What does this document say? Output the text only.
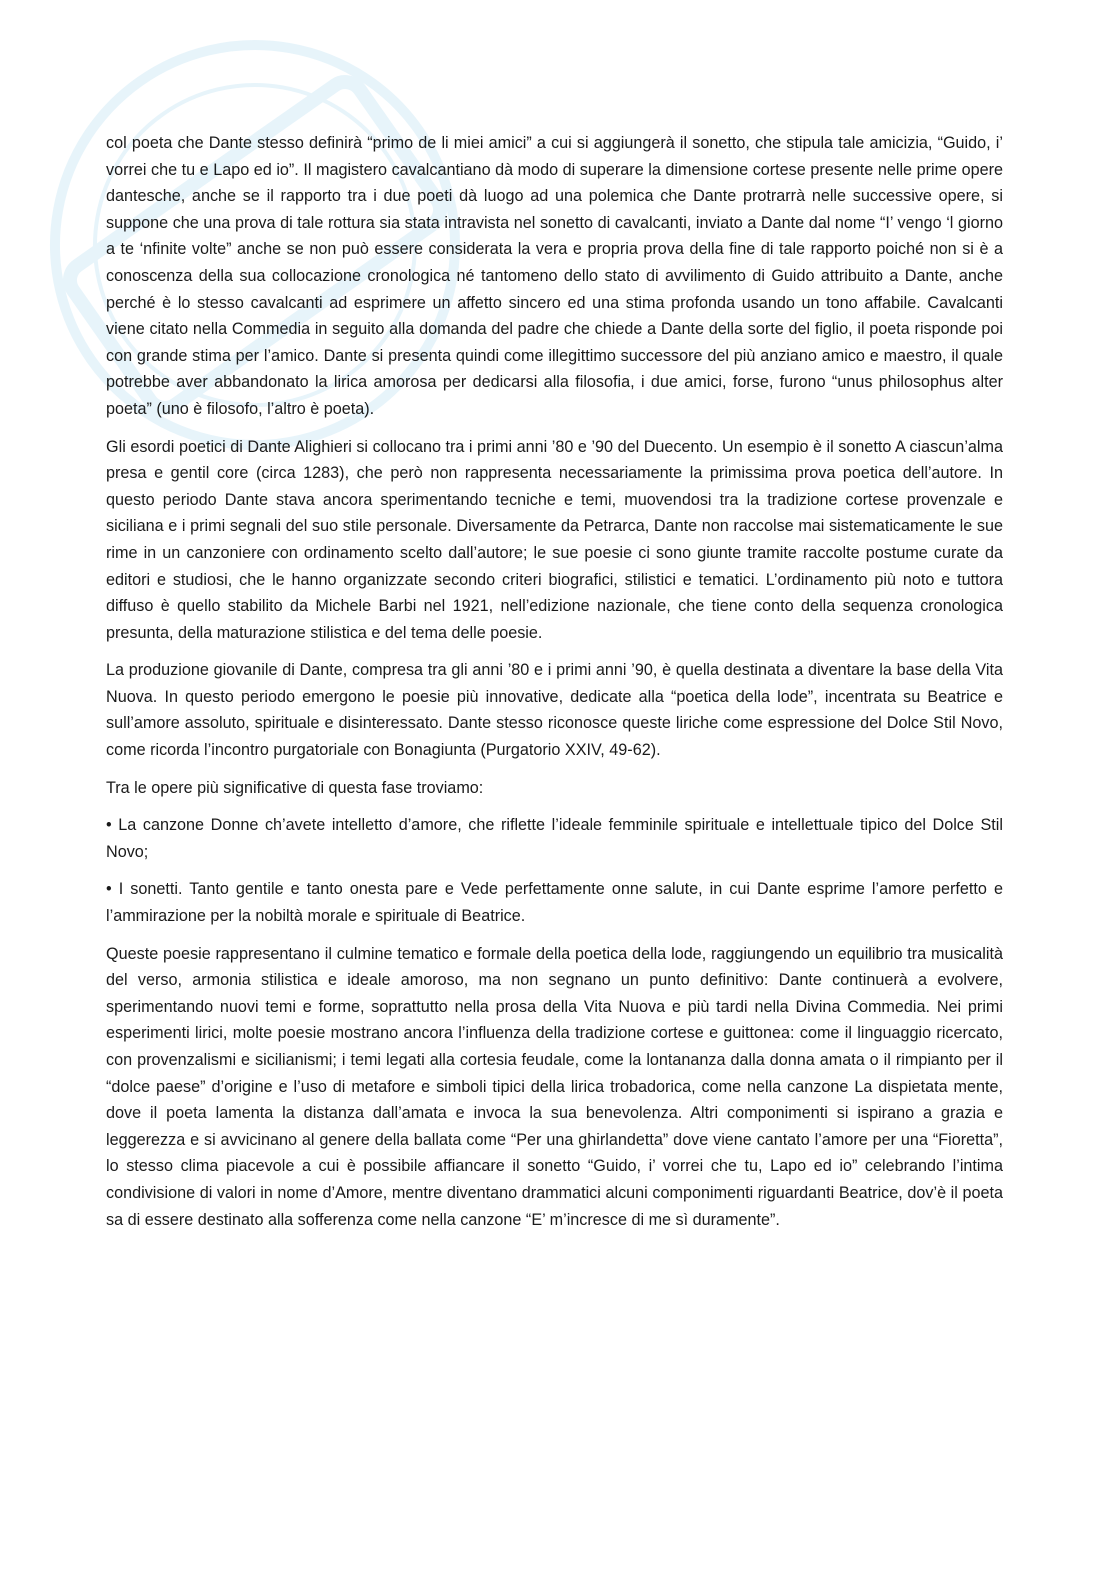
col poeta che Dante stesso definirà “primo de li miei amici” a cui si aggiungerà il sonetto, che stipula tale amicizia, “Guido, i’ vorrei che tu e Lapo ed io”. Il magistero cavalcantiano dà modo di superare la dimensione cortese presente nelle prime opere dantesche, anche se il rapporto tra i due poeti dà luogo ad una polemica che Dante protrarrà nelle successive opere, si suppone che una prova di tale rottura sia stata intravista nel sonetto di cavalcanti, inviato a Dante dal nome “I’ vengo ‘l giorno a te ‘nfinite volte” anche se non può essere considerata la vera e propria prova della fine di tale rapporto poiché non si è a conoscenza della sua collocazione cronologica né tantomeno dello stato di avvilimento di Guido attribuito a Dante, anche perché è lo stesso cavalcanti ad esprimere un affetto sincero ed una stima profonda usando un tono affabile. Cavalcanti viene citato nella Commedia in seguito alla domanda del padre che chiede a Dante della sorte del figlio, il poeta risponde poi con grande stima per l’amico. Dante si presenta quindi come illegittimo successore del più anziano amico e maestro, il quale potrebbe aver abbandonato la lirica amorosa per dedicarsi alla filosofia, i due amici, forse, furono “unus philosophus alter poeta” (uno è filosofo, l’altro è poeta).

Gli esordi poetici di Dante Alighieri si collocano tra i primi anni ’80 e ’90 del Duecento. Un esempio è il sonetto A ciascun’alma presa e gentil core (circa 1283), che però non rappresenta necessariamente la primissima prova poetica dell’autore. In questo periodo Dante stava ancora sperimentando tecniche e temi, muovendosi tra la tradizione cortese provenzale e siciliana e i primi segnali del suo stile personale. Diversamente da Petrarca, Dante non raccolse mai sistematicamente le sue rime in un canzoniere con ordinamento scelto dall’autore; le sue poesie ci sono giunte tramite raccolte postume curate da editori e studiosi, che le hanno organizzate secondo criteri biografici, stilistici e tematici. L’ordinamento più noto e tuttora diffuso è quello stabilito da Michele Barbi nel 1921, nell’edizione nazionale, che tiene conto della sequenza cronologica presunta, della maturazione stilistica e del tema delle poesie.

La produzione giovanile di Dante, compresa tra gli anni ’80 e i primi anni ’90, è quella destinata a diventare la base della Vita Nuova. In questo periodo emergono le poesie più innovative, dedicate alla “poetica della lode”, incentrata su Beatrice e sull’amore assoluto, spirituale e disinteressato. Dante stesso riconosce queste liriche come espressione del Dolce Stil Novo, come ricorda l’incontro purgatoriale con Bonagiunta (Purgatorio XXIV, 49-62).

Tra le opere più significative di questa fase troviamo:

• La canzone Donne ch’avete intelletto d’amore, che riflette l’ideale femminile spirituale e intellettuale tipico del Dolce Stil Novo;

• I sonetti. Tanto gentile e tanto onesta pare e Vede perfettamente onne salute, in cui Dante esprime l’amore perfetto e l’ammirazione per la nobiltà morale e spirituale di Beatrice.

Queste poesie rappresentano il culmine tematico e formale della poetica della lode, raggiungendo un equilibrio tra musicalità del verso, armonia stilistica e ideale amoroso, ma non segnano un punto definitivo: Dante continuerà a evolvere, sperimentando nuovi temi e forme, soprattutto nella prosa della Vita Nuova e più tardi nella Divina Commedia. Nei primi esperimenti lirici, molte poesie mostrano ancora l’influenza della tradizione cortese e guittonea: come il linguaggio ricercato, con provenzalismi e sicilianismi; i temi legati alla cortesia feudale, come la lontananza dalla donna amata o il rimpianto per il “dolce paese” d’origine e l’uso di metafore e simboli tipici della lirica trobadorica, come nella canzone La dispietata mente, dove il poeta lamenta la distanza dall’amata e invoca la sua benevolenza. Altri componimenti si ispirano a grazia e leggerezza e si avvicinano al genere della ballata come “Per una ghirlandetta” dove viene cantato l’amore per una “Fioretta”, lo stesso clima piacevole a cui è possibile affiancare il sonetto “Guido, i’ vorrei che tu, Lapo ed io” celebrando l’intima condivisione di valori in nome d’Amore, mentre diventano drammatici alcuni componimenti riguardanti Beatrice, dov’è il poeta sa di essere destinato alla sofferenza come nella canzone “E’ m’incresce di me sì duramente”.
